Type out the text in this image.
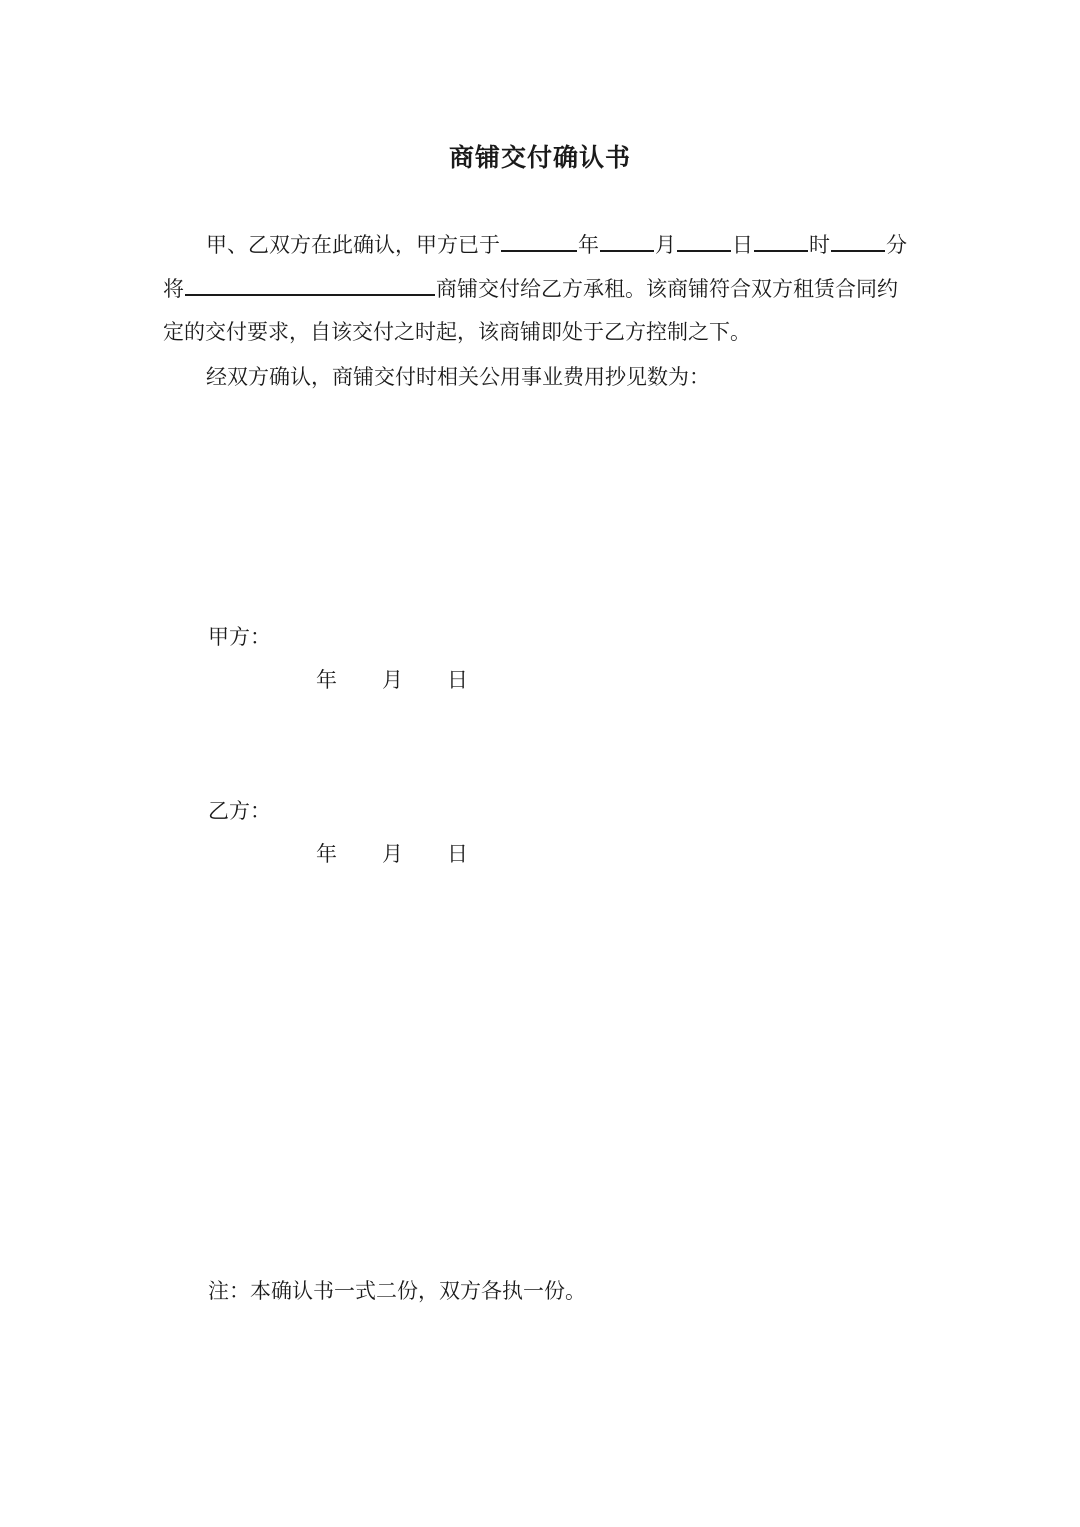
商铺交付确认书
甲、乙双方在此确认，甲方已于	年	月	日	时	分
将	商铺交付给乙方承租。该商铺符合双方租赁合同约
定的交付要求，自该交付之时起，该商铺即处于乙方控制之下。
经双方确认，商铺交付时相关公用事业费用抄见数为：
甲方：
年 月 日
乙方：
年 月 日
注：本确认书一式二份，双方各执一份。
